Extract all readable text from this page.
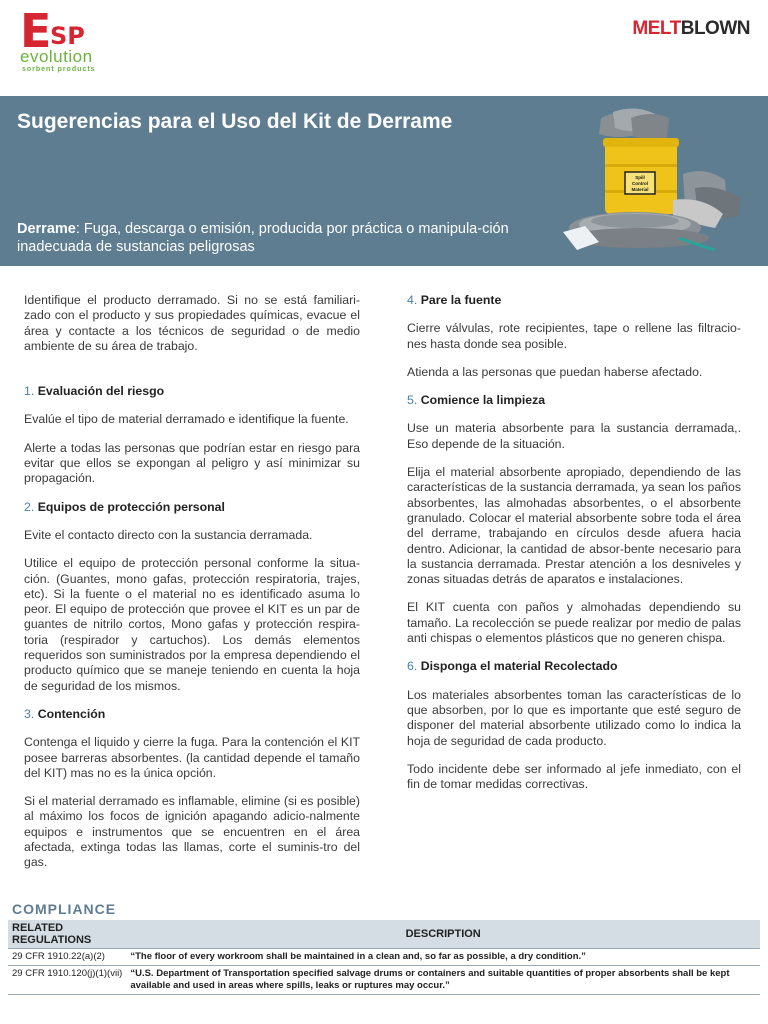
E SP
evolution
sorbent products
MELTBLOWN
Sugerencias para el Uso del Kit de Derrame
Derrame: Fuga, descarga o emisión, producida por práctica o manipula-ción inadecuada de sustancias peligrosas
Spill
Control
Material

Identifique el producto derramado. Si no se está familiari-zado con el producto y sus propiedades químicas, evacue el área y contacte a los técnicos de seguridad o de medio ambiente de su área de trabajo.

1. Evaluación del riesgo

Evalúe el tipo de material derramado e identifique la fuente.

Alerte a todas las personas que podrían estar en riesgo para evitar que ellos se expongan al peligro y así minimizar su propagación.

2. Equipos de protección personal

Evite el contacto directo con la sustancia derramada.

Utilice el equipo de protección personal conforme la situa-ción. (Guantes, mono gafas, protección respiratoria, trajes, etc). Si la fuente o el material no es identificado asuma lo peor. El equipo de protección que provee el KIT es un par de guantes de nitrilo cortos, Mono gafas y protección respira-toria (respirador y cartuchos). Los demás elementos requeridos son suministrados por la empresa dependiendo el producto químico que se maneje teniendo en cuenta la hoja de seguridad de los mismos.

3. Contención

Contenga el liquido y cierre la fuga. Para la contención el KIT posee barreras absorbentes. (la cantidad depende el tamaño del KIT) mas no es la única opción.

Si el material derramado es inflamable, elimine (si es posible) al máximo los focos de ignición apagando adicio-nalmente equipos e instrumentos que se encuentren en el área afectada, extinga todas las llamas, corte el suminis-tro del gas.

4. Pare la fuente

Cierre válvulas, rote recipientes, tape o rellene las filtracio-nes hasta donde sea posible.

Atienda a las personas que puedan haberse afectado.

5. Comience la limpieza

Use un materia absorbente para la sustancia derramada,. Eso depende de la situación.

Elija el material absorbente apropiado, dependiendo de las características de la sustancia derramada, ya sean los paños absorbentes, las almohadas absorbentes, o el absorbente granulado. Colocar el material absorbente sobre toda el área del derrame, trabajando en círculos desde afuera hacia dentro. Adicionar, la cantidad de absor-bente necesario para la sustancia derramada. Prestar atención a los desniveles y zonas situadas detrás de aparatos e instalaciones.

El KIT cuenta con paños y almohadas dependiendo su tamaño. La recolección se puede realizar por medio de palas anti chispas o elementos plásticos que no generen chispa.

6. Disponga el material Recolectado

Los materiales absorbentes toman las características de lo que absorben, por lo que es importante que esté seguro de disponer del material absorbente utilizado como lo indica la hoja de seguridad de cada producto.

Todo incidente debe ser informado al jefe inmediato, con el fin de tomar medidas correctivas.

COMPLIANCE
RELATED REGULATIONS	DESCRIPTION
29 CFR 1910.22(a)(2)	“The floor of every workroom shall be maintained in a clean and, so far as possible, a dry condition.”
29 CFR 1910.120(j)(1)(vii)	“U.S. Department of Transportation specified salvage drums or containers and suitable quantities of proper absorbents shall be kept available and used in areas where spills, leaks or ruptures may occur.”
